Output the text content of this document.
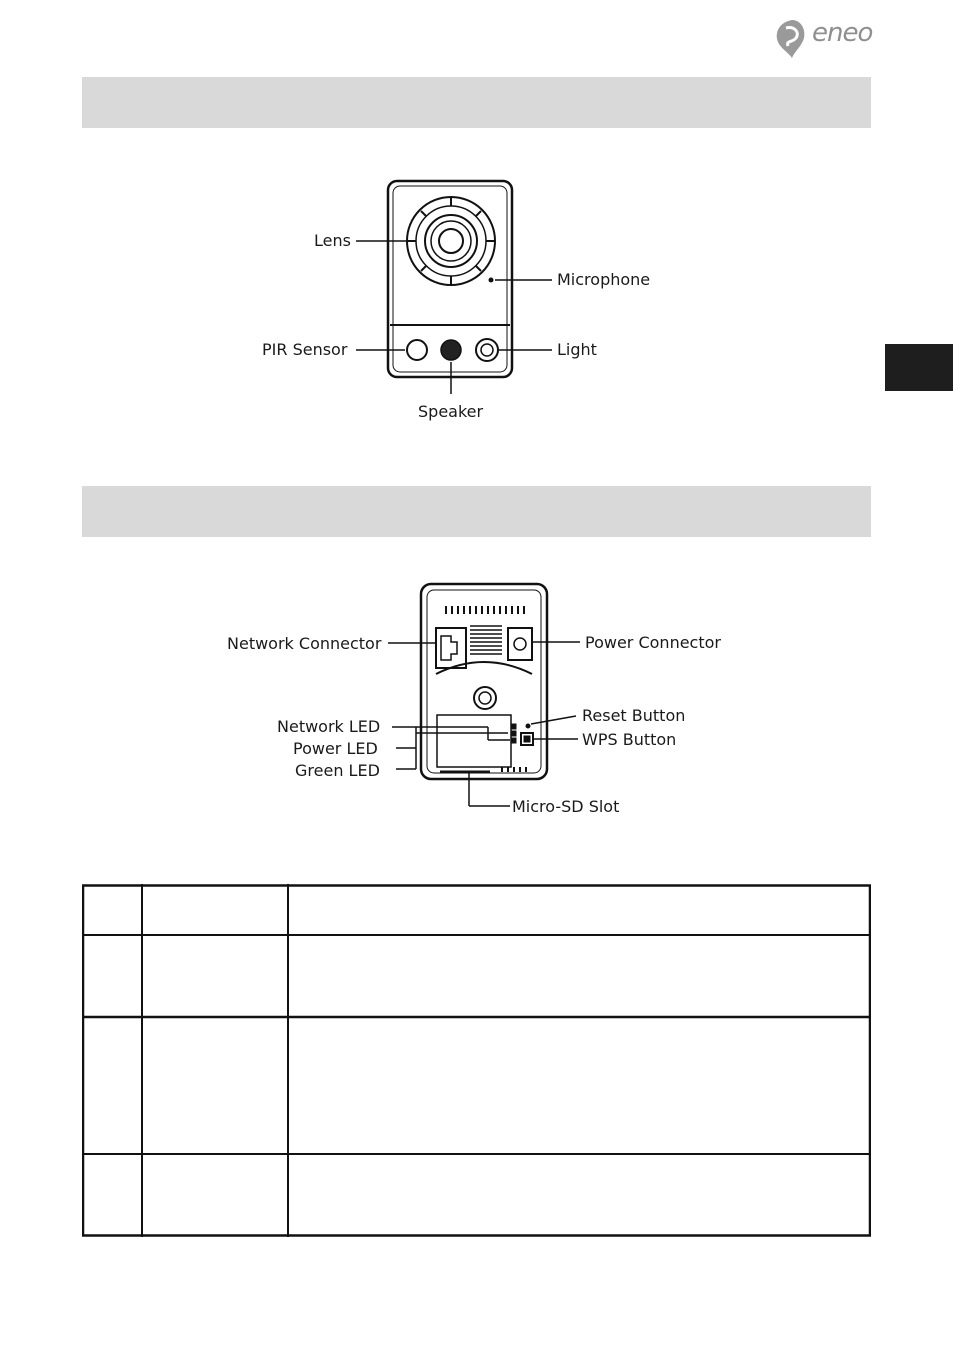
eneo
Lens
Microphone
PIR Sensor	Light
Speaker
Network Connector	Power Connector
Network LED
Power LED
Green LED
Reset Button
WPS Button
Micro-SD Slot
